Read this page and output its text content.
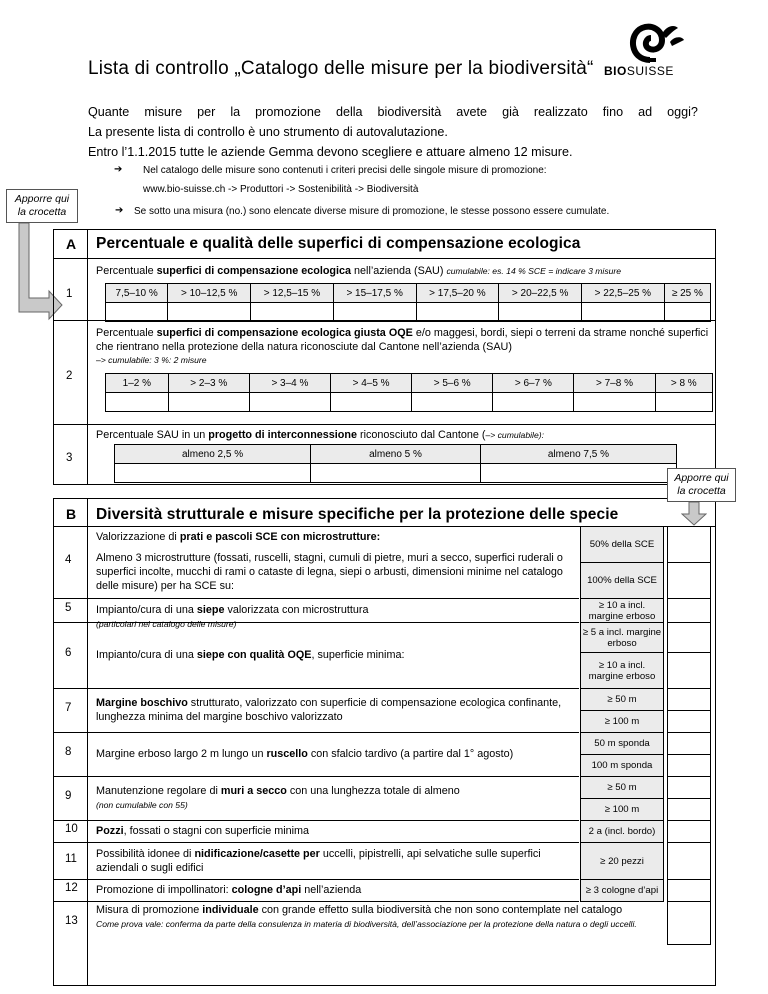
Lista di controllo „Catalogo delle misure per la biodiversità“ BIOSUISSE
Quante misure per la promozione della biodiversità avete già realizzato fino ad oggi?
La presente lista di controllo è uno strumento di autovalutazione.
Entro l’1.1.2015 tutte le aziende Gemma devono scegliere e attuare almeno 12 misure.
➔ Nel catalogo delle misure sono contenuti i criteri precisi delle singole misure di promozione:
www.bio-suisse.ch -> Produttori -> Sostenibilità -> Biodiversità
➔ Se sotto una misura (no.) sono elencate diverse misure di promozione, le stesse possono essere cumulate.
Apporre qui
la crocetta
A Percentuale e qualità delle superfici di compensazione ecologica
1
Percentuale superfici di compensazione ecologica nell’azienda (SAU) cumulabile: es. 14 % SCE = indicare 3 misure
7,5–10 %	> 10–12,5 %	> 12,5–15 %	> 15–17,5 %	> 17,5–20 %	> 20–22,5 %	> 22,5–25 %	≥ 25 %

2
Percentuale superfici di compensazione ecologica giusta OQE e/o maggesi, bordi, siepi o terreni da strame nonché superfici che rientrano nella protezione della natura riconosciute dal Cantone nell’azienda (SAU)
–> cumulabile: 3 %: 2 misure
1–2 %	> 2–3 %	> 3–4 %	> 4–5 %	> 5–6 %	> 6–7 %	> 7–8 %	> 8 %

3
Percentuale SAU in un progetto di interconnessione riconosciuto dal Cantone (–> cumulabile):
almeno 2,5 %	almeno 5 %	almeno 7,5 %

Apporre qui
la crocetta
B Diversità strutturale e misure specifiche per la protezione delle specie
4
Valorizzazione di prati e pascoli SCE con microstrutture:
Almeno 3 microstrutture (fossati, ruscelli, stagni, cumuli di pietre, muri a secco, superfici ruderali o superfici incolte, mucchi di rami o cataste di legna, siepi o arbusti, dimensioni minime nel catalogo delle misure) per ha SCE su:
50% della SCE
100% della SCE
5 Impianto/cura di una siepe valorizzata con microstruttura
(particolari nel catalogo delle misure)
≥ 10 a incl. margine erboso
6 Impianto/cura di una siepe con qualità OQE, superficie minima:
≥ 5 a incl. margine erboso
≥ 10 a incl. margine erboso
7 Margine boschivo strutturato, valorizzato con superficie di compensazione ecologica confinante, lunghezza minima del margine boschivo valorizzato
≥ 50 m
≥ 100 m
8 Margine erboso largo 2 m lungo un ruscello con sfalcio tardivo (a partire dal 1° agosto)
50 m sponda
100 m sponda
9 Manutenzione regolare di muri a secco con una lunghezza totale di almeno
(non cumulabile con 55)
≥ 50 m
≥ 100 m
10 Pozzi, fossati o stagni con superficie minima	2 a (incl. bordo)
11 Possibilità idonee di nidificazione/casette per uccelli, pipistrelli, api selvatiche sulle superfici aziendali o sugli edifici
≥ 20 pezzi
12 Promozione di impollinatori: cologne d’api nell’azienda	≥ 3 cologne d’api
13
Misura di promozione individuale con grande effetto sulla biodiversità che non sono contemplate nel catalogo
Come prova vale: conferma da parte della consulenza in materia di biodiversità, dell’associazione per la protezione della natura o degli uccelli.
